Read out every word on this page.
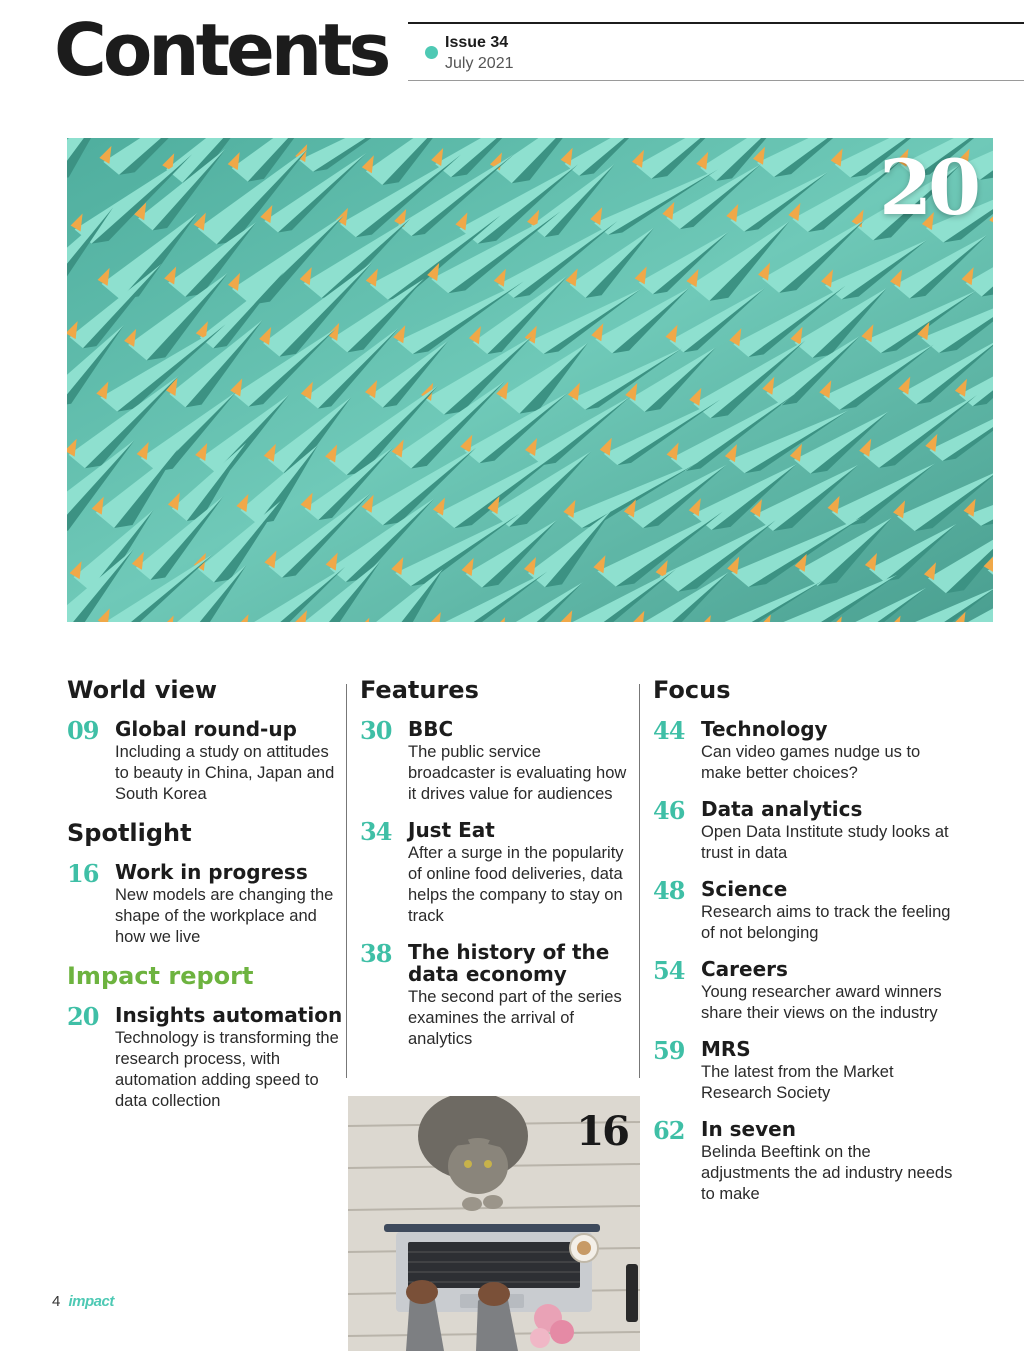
Contents	Issue 34
July 2021
20
World view
09 Global round-up
Including a study on attitudes to beauty in China, Japan and South Korea
Spotlight
16 Work in progress
New models are changing the shape of the workplace and how we live
Impact report
20 Insights automation
Technology is transforming the research process, with automation adding speed to data collection
Features
30 BBC
The public service broadcaster is evaluating how it drives value for audiences
34 Just Eat
After a surge in the popularity of online food deliveries, data helps the company to stay on track
38 The history of the data economy
The second part of the series examines the arrival of analytics
Focus
44 Technology
Can video games nudge us to make better choices?
46 Data analytics
Open Data Institute study looks at trust in data
48 Science
Research aims to track the feeling of not belonging
54 Careers
Young researcher award winners share their views on the industry
59 MRS
The latest from the Market Research Society
62 In seven
Belinda Beeftink on the adjustments the ad industry needs to make
16
4 impact
